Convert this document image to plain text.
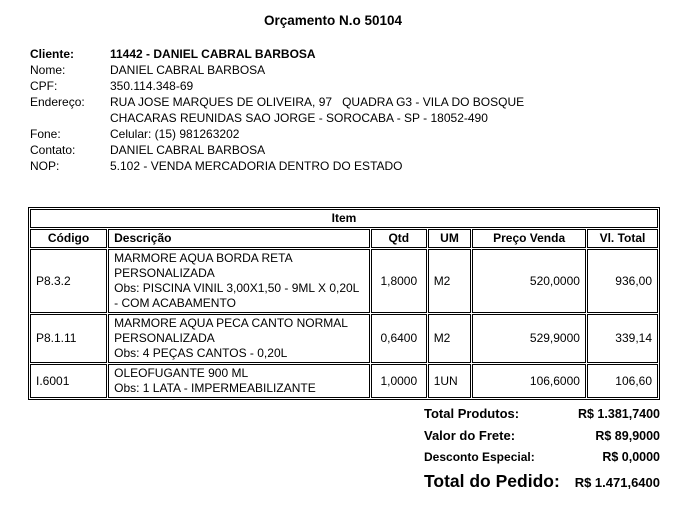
Orçamento N.o 50104
Cliente:	11442 - DANIEL CABRAL BARBOSA
Nome:	DANIEL CABRAL BARBOSA
CPF:	350.114.348-69
Endereço:	RUA JOSE MARQUES DE OLIVEIRA, 97   QUADRA G3 - VILA DO BOSQUE
CHACARAS REUNIDAS SAO JORGE - SOROCABA - SP - 18052-490
Fone:	Celular: (15) 981263202
Contato:	DANIEL CABRAL BARBOSA
NOP:	5.102 - VENDA MERCADORIA DENTRO DO ESTADO
Item					
Código	Descrição	Qtd	UM	Preço Venda	Vl. Total
P8.3.2	MARMORE AQUA BORDA RETA PERSONALIZADA
Obs: PISCINA VINIL 3,00X1,50 - 9ML X 0,20L - COM ACABAMENTO	1,8000	M2	520,0000	936,00
P8.1.11	MARMORE AQUA PECA CANTO NORMAL PERSONALIZADA
Obs: 4 PEÇAS CANTOS - 0,20L	0,6400	M2	529,9000	339,14
I.6001	OLEOFUGANTE 900 ML
Obs: 1 LATA - IMPERMEABILIZANTE	1,0000	1UN	106,6000	106,60
Total Produtos:	R$ 1.381,7400
Valor do Frete:	R$ 89,9000
Desconto Especial:	R$ 0,0000
Total do Pedido: R$ 1.471,6400
